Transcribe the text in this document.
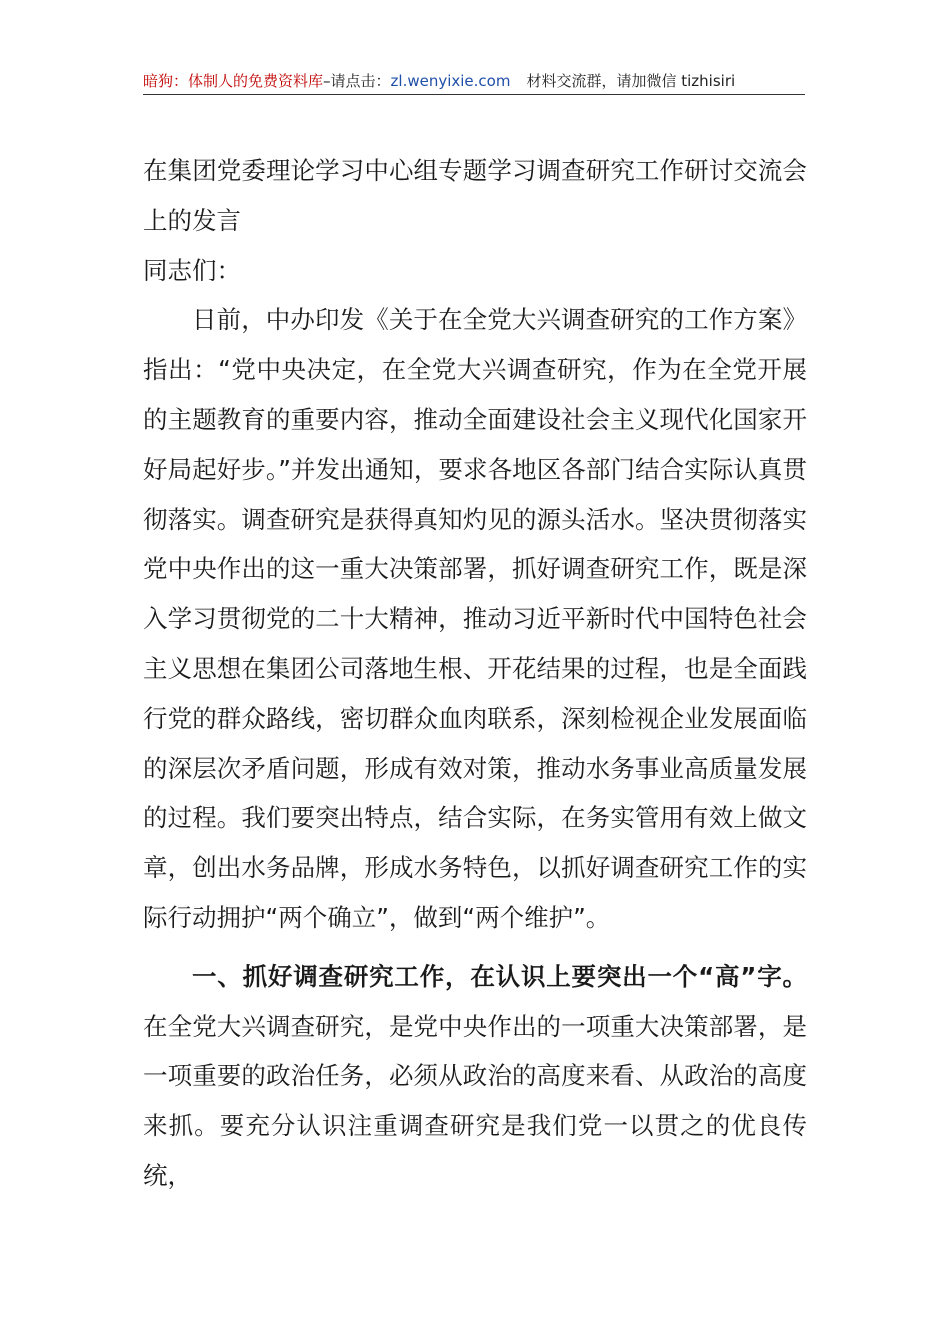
暗狗：体制人的免费资料库–请点击：zl.wenyixie.com 材料交流群，请加微信 tizhisiri

在集团党委理论学习中心组专题学习调查研究工作研讨交流会上的发言

同志们：

日前，中办印发《关于在全党大兴调查研究的工作方案》指出：“党中央决定，在全党大兴调查研究，作为在全党开展的主题教育的重要内容，推动全面建设社会主义现代化国家开好局起好步。”并发出通知，要求各地区各部门结合实际认真贯彻落实。调查研究是获得真知灼见的源头活水。坚决贯彻落实党中央作出的这一重大决策部署，抓好调查研究工作，既是深入学习贯彻党的二十大精神，推动习近平新时代中国特色社会主义思想在集团公司落地生根、开花结果的过程，也是全面践行党的群众路线，密切群众血肉联系，深刻检视企业发展面临的深层次矛盾问题，形成有效对策，推动水务事业高质量发展的过程。我们要突出特点，结合实际，在务实管用有效上做文章，创出水务品牌，形成水务特色，以抓好调查研究工作的实际行动拥护“两个确立”，做到“两个维护”。

一、抓好调查研究工作，在认识上要突出一个“高”字。在全党大兴调查研究，是党中央作出的一项重大决策部署，是一项重要的政治任务，必须从政治的高度来看、从政治的高度来抓。要充分认识注重调查研究是我们党一以贯之的优良传统，
